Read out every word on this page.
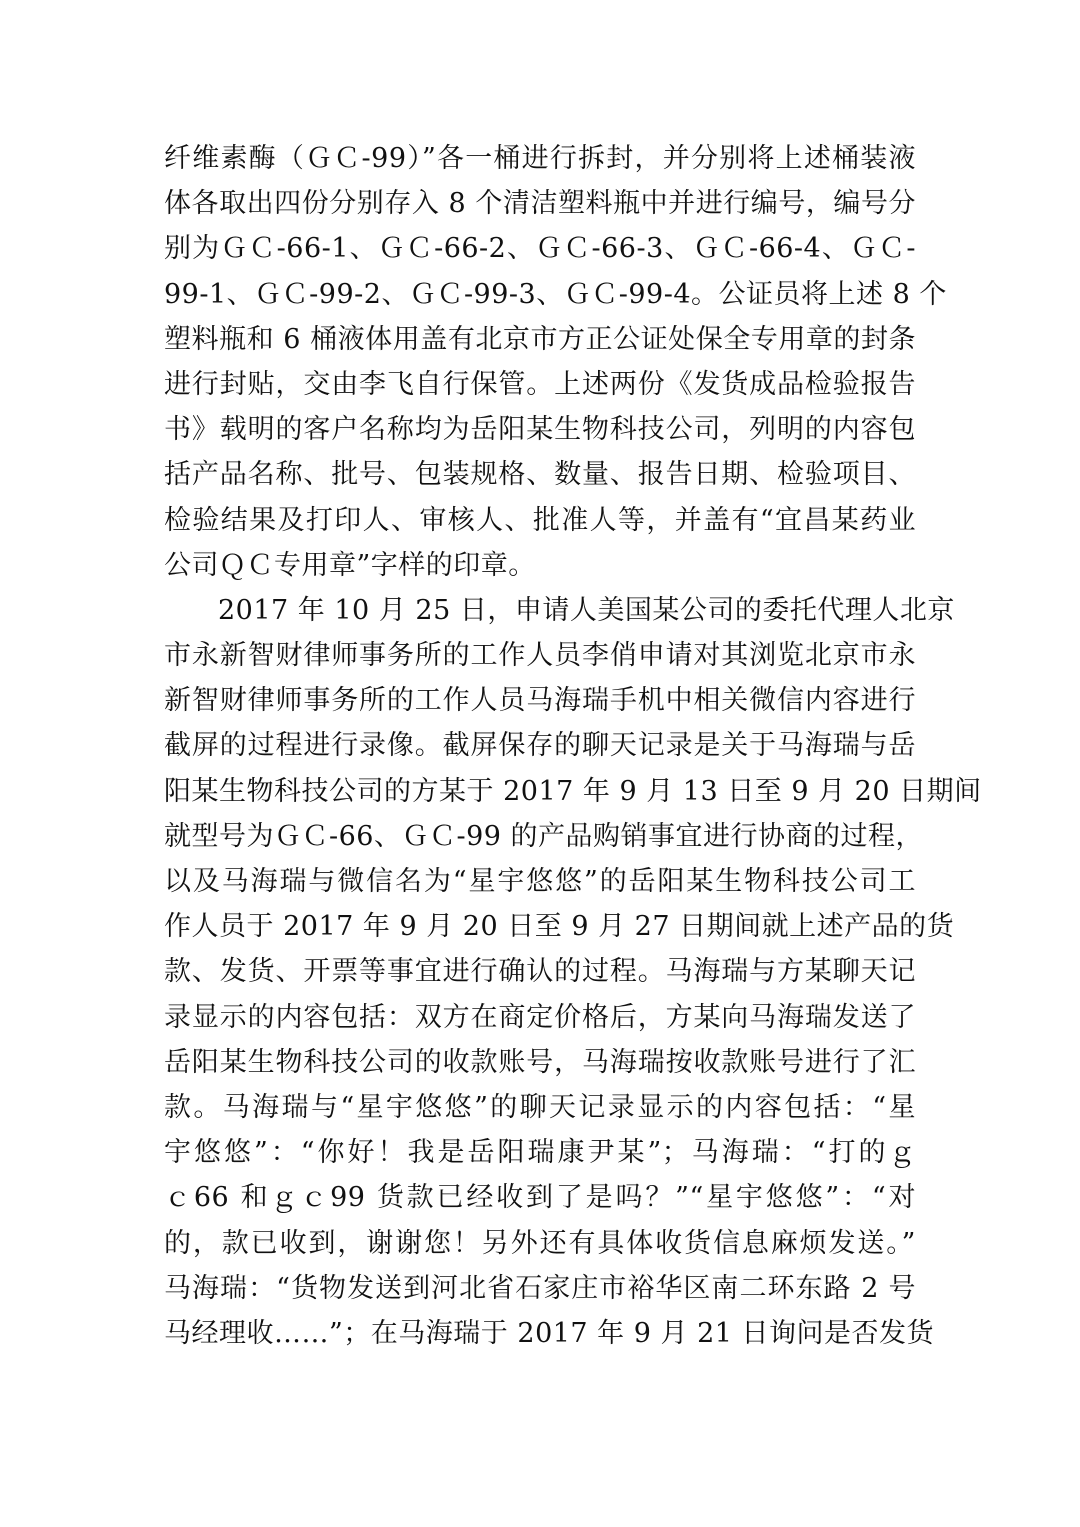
纤维素酶（ＧＣ-99）”各一桶进行拆封，并分别将上述桶装液
体各取出四份分别存入 8 个清洁塑料瓶中并进行编号，编号分
别为ＧＣ-66-1、ＧＣ-66-2、ＧＣ-66-3、ＧＣ-66-4、ＧＣ-
99-1、ＧＣ-99-2、ＧＣ-99-3、ＧＣ-99-4。公证员将上述 8 个
塑料瓶和 6 桶液体用盖有北京市方正公证处保全专用章的封条
进行封贴，交由李飞自行保管。上述两份《发货成品检验报告
书》载明的客户名称均为岳阳某生物科技公司，列明的内容包
括产品名称、批号、包装规格、数量、报告日期、检验项目、
检验结果及打印人、审核人、批准人等，并盖有“宜昌某药业
公司ＱＣ专用章”字样的印章。
2017 年 10 月 25 日，申请人美国某公司的委托代理人北京
市永新智财律师事务所的工作人员李俏申请对其浏览北京市永
新智财律师事务所的工作人员马海瑞手机中相关微信内容进行
截屏的过程进行录像。截屏保存的聊天记录是关于马海瑞与岳
阳某生物科技公司的方某于 2017 年 9 月 13 日至 9 月 20 日期间
就型号为ＧＣ-66、ＧＣ-99 的产品购销事宜进行协商的过程，
以及马海瑞与微信名为“星宇悠悠”的岳阳某生物科技公司工
作人员于 2017 年 9 月 20 日至 9 月 27 日期间就上述产品的货
款、发货、开票等事宜进行确认的过程。马海瑞与方某聊天记
录显示的内容包括：双方在商定价格后，方某向马海瑞发送了
岳阳某生物科技公司的收款账号，马海瑞按收款账号进行了汇
款。马海瑞与“星宇悠悠”的聊天记录显示的内容包括：“星
宇悠悠”：“你好！我是岳阳瑞康尹某”；马海瑞：“打的ｇ
ｃ66 和ｇｃ99 货款已经收到了是吗？”“星宇悠悠”：“对
的，款已收到，谢谢您！另外还有具体收货信息麻烦发送。”
马海瑞：“货物发送到河北省石家庄市裕华区南二环东路 2 号
马经理收……”；在马海瑞于 2017 年 9 月 21 日询问是否发货
